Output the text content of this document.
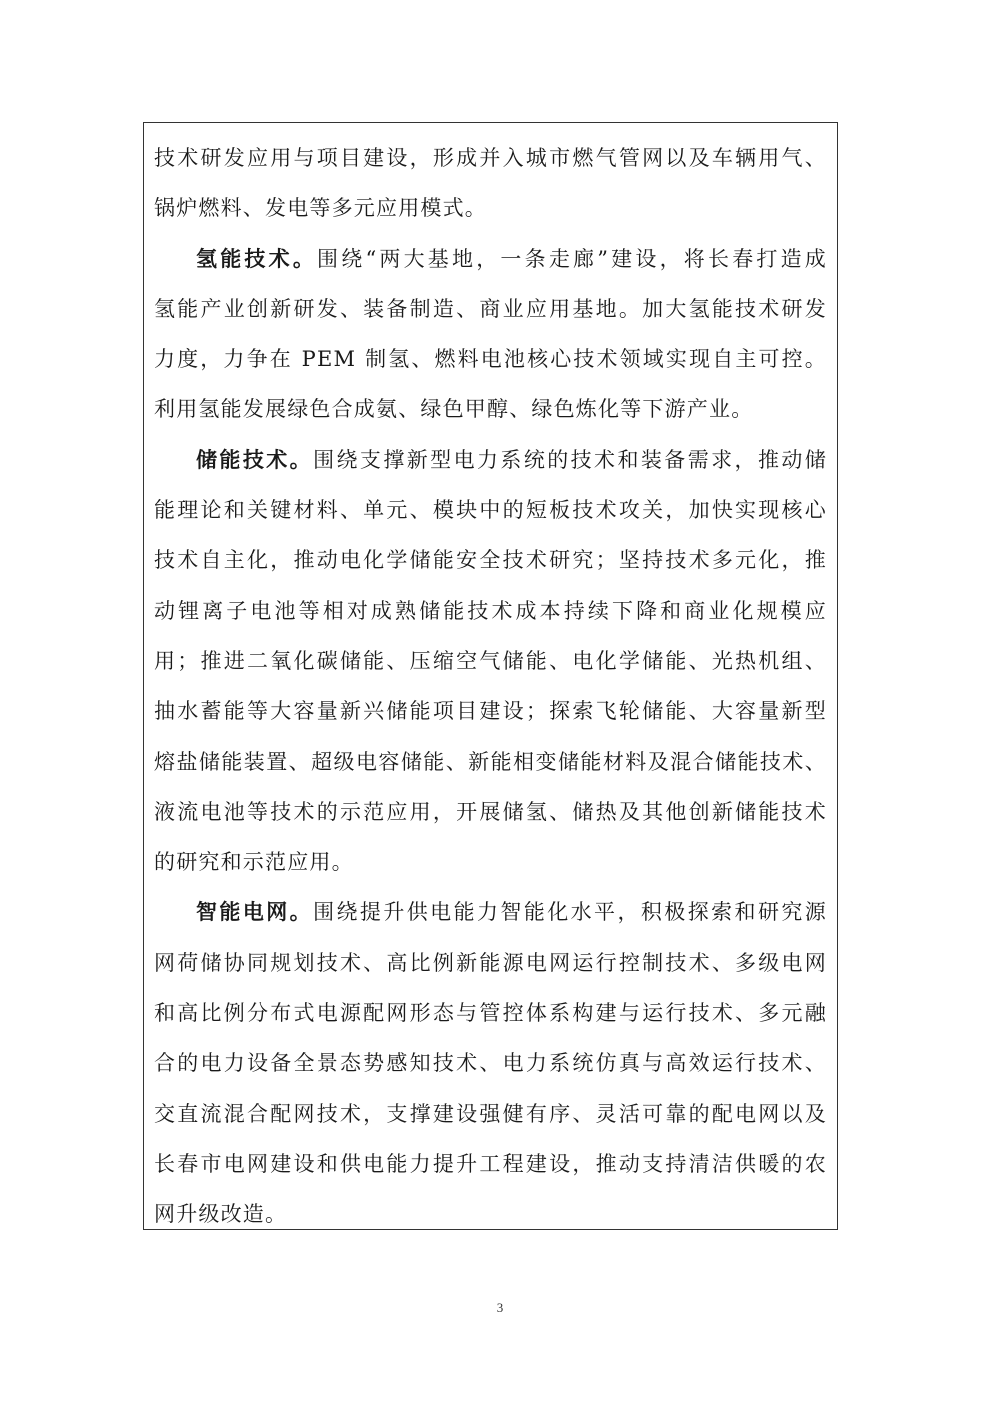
技术研发应用与项目建设，形成并入城市燃气管网以及车辆用气、
锅炉燃料、发电等多元应用模式。
氢能技术。围绕“两大基地，一条走廊”建设，将长春打造成
氢能产业创新研发、装备制造、商业应用基地。加大氢能技术研发
力度，力争在 PEM 制氢、燃料电池核心技术领域实现自主可控。
利用氢能发展绿色合成氨、绿色甲醇、绿色炼化等下游产业。
储能技术。围绕支撑新型电力系统的技术和装备需求，推动储
能理论和关键材料、单元、模块中的短板技术攻关，加快实现核心
技术自主化，推动电化学储能安全技术研究；坚持技术多元化，推
动锂离子电池等相对成熟储能技术成本持续下降和商业化规模应
用；推进二氧化碳储能、压缩空气储能、电化学储能、光热机组、
抽水蓄能等大容量新兴储能项目建设；探索飞轮储能、大容量新型
熔盐储能装置、超级电容储能、新能相变储能材料及混合储能技术、
液流电池等技术的示范应用，开展储氢、储热及其他创新储能技术
的研究和示范应用。
智能电网。围绕提升供电能力智能化水平，积极探索和研究源
网荷储协同规划技术、高比例新能源电网运行控制技术、多级电网
和高比例分布式电源配网形态与管控体系构建与运行技术、多元融
合的电力设备全景态势感知技术、电力系统仿真与高效运行技术、
交直流混合配网技术，支撑建设强健有序、灵活可靠的配电网以及
长春市电网建设和供电能力提升工程建设，推动支持清洁供暖的农
网升级改造。
3
